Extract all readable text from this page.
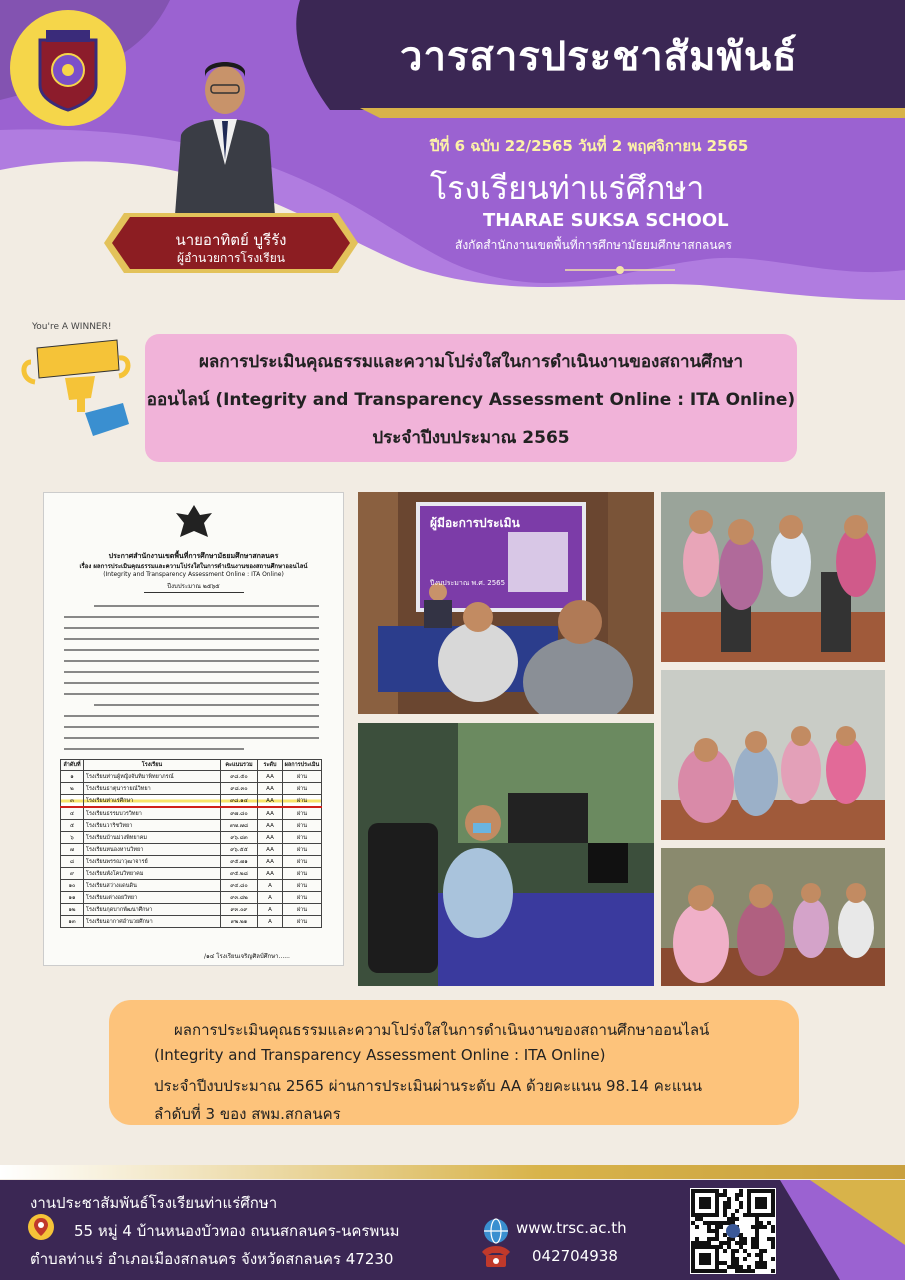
นายอาทิตย์ บูรีรัง
ผู้อำนวยการโรงเรียน
วารสารประชาสัมพันธ์
ปีที่ 6 ฉบับ 22/2565 วันที่ 2 พฤศจิกายน 2565
โรงเรียนท่าแร่ศึกษา
THARAE SUKSA SCHOOL
สังกัดสำนักงานเขตพื้นที่การศึกษามัธยมศึกษาสกลนคร
You're A WINNER!
ผลการประเมินคุณธรรมและความโปร่งใสในการดำเนินงานของสถานศึกษา
ออนไลน์ (Integrity and Transparency Assessment Online : ITA Online)
ประจำปีงบประมาณ 2565
ประกาศสำนักงานเขตพื้นที่การศึกษามัธยมศึกษาสกลนคร
เรื่อง ผลการประเมินคุณธรรมและความโปร่งใสในการดำเนินงานของสถานศึกษาออนไลน์
(Integrity and Transparency Assessment Online : ITA Online)
ปีงบประมาณ ๒๕๖๕
ลำดับที่	โรงเรียน	คะแนนรวม	ระดับ	ผลการประเมิน
๑	โรงเรียนท่านผู้หญิงจันทิมาพิทยาภรณ์	๙๘.๕๐	AA	ผ่าน
๒	โรงเรียนธาตุนารายณ์วิทยา	๙๘.๓๐	AA	ผ่าน
๓	โรงเรียนท่าแร่ศึกษา	๙๘.๑๔	AA	ผ่าน
๔	โรงเรียนธรรมบวรวิทยา	๙๗.๘๐	AA	ผ่าน
๕	โรงเรียนวาริชวิทยา	๙๗.๗๘	AA	ผ่าน
๖	โรงเรียนบ้านม่วงพิทยาคม	๙๖.๘๓	AA	ผ่าน
๗	โรงเรียนหนองหานวิทยา	๙๖.๕๕	AA	ผ่าน
๘	โรงเรียนพรรณาวุฒาจารย์	๙๕.๗๑	AA	ผ่าน
๙	โรงเรียนพังโคนวิทยาคม	๙๕.๒๘	AA	ผ่าน
๑๐	โรงเรียนสว่างแดนดิน	๙๔.๘๐	A	ผ่าน
๑๑	โรงเรียนเต่างอยวิทยา	๙๓.๘๒	A	ผ่าน
๑๒	โรงเรียนกุดบากพัฒนาศึกษา	๙๓.๐๙	A	ผ่าน
๑๓	โรงเรียนอากาศอำนวยศึกษา	๙๒.๒๑	A	ผ่าน
/๑๔ โรงเรียนเจริญศิลป์ศึกษา......
ผู้มีอะการประเมิน
ปีงบประมาณ พ.ศ. 2565
ผลการประเมินคุณธรรมและความโปร่งใสในการดำเนินงานของสถานศึกษาออนไลน์
(Integrity and Transparency Assessment Online : ITA Online)
ประจำปีงบประมาณ 2565 ผ่านการประเมินผ่านระดับ AA ด้วยคะแนน 98.14 คะแนน
ลำดับที่ 3 ของ สพม.สกลนคร
งานประชาสัมพันธ์โรงเรียนท่าแร่ศึกษา
55 หมู่ 4 บ้านหนองบัวทอง ถนนสกลนคร-นครพนม
ตำบลท่าแร่ อำเภอเมืองสกลนคร จังหวัดสกลนคร 47230
www.trsc.ac.th
042704938
